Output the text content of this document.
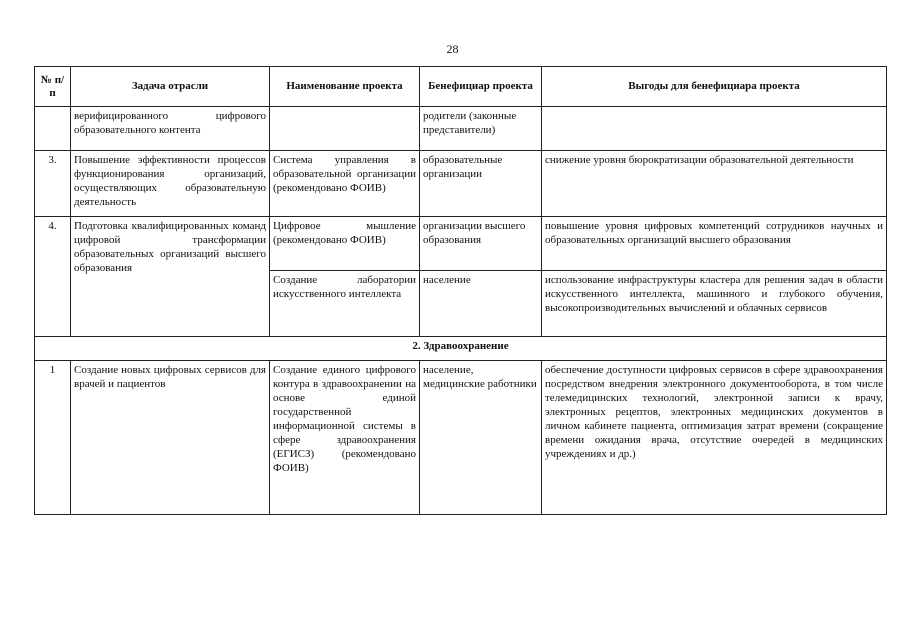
28
№ п/п	Задача отрасли	Наименование проекта	Бенефициар проекта	Выгоды для бенефициара проекта
	верифицированного цифрового образовательного контента		родители (законные представители)	
3.	Повышение эффективности процессов функционирования организаций, осуществляющих образовательную деятельность	Система управления в образовательной организации (рекомендовано ФОИВ)	образовательные организации	снижение уровня бюрократизации образовательной деятельности
4.	Подготовка квалифицированных команд цифровой трансформации образовательных организаций высшего образования	Цифровое мышление (рекомендовано ФОИВ)	организации высшего образования	повышение уровня цифровых компетенций сотрудников научных и образовательных организаций высшего образования
		Создание лаборатории искусственного интеллекта	население	использование инфраструктуры кластера для решения задач в области искусственного интеллекта, машинного и глубокого обучения, высокопроизводительных вычислений и облачных сервисов
2. Здравоохранение				
1	Создание новых цифровых сервисов для врачей и пациентов	Создание единого цифрового контура в здравоохранении на основе единой государственной информационной системы в сфере здравоохранения (ЕГИСЗ) (рекомендовано ФОИВ)	население, медицинские работники	обеспечение доступности цифровых сервисов в сфере здравоохранения посредством внедрения электронного документооборота, в том числе телемедицинских технологий, электронной записи к врачу, электронных рецептов, электронных медицинских документов в личном кабинете пациента, оптимизация затрат времени (сокращение времени ожидания врача, отсутствие очередей в медицинских учреждениях и др.)
